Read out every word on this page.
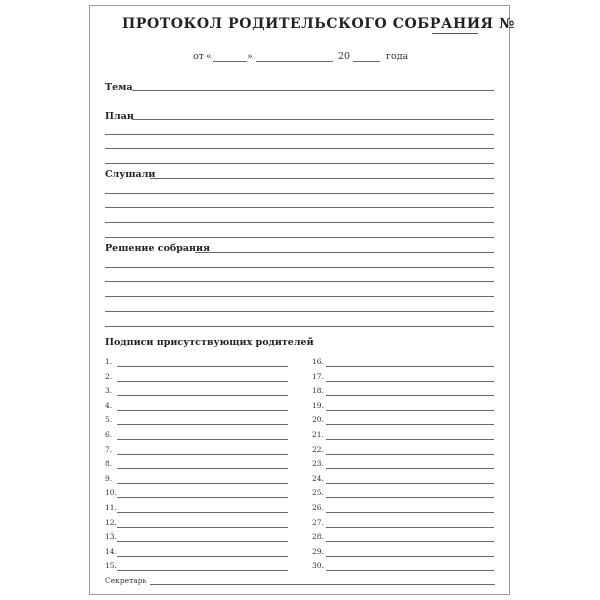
ПРОТОКОЛ РОДИТЕЛЬСКОГО СОБРАНИЯ №
от «	»	20	года
Тема
План
Слушали
Решение собрания
Подписи присутствующих родителей
1.
2.
3.
4.
5.
6.
7.
8.
9.
10.
11.
12.
13.
14.
15.
16.
17.
18.
19.
20.
21.
22.
23.
24.
25.
26.
27.
28.
29.
30.
Секретарь
